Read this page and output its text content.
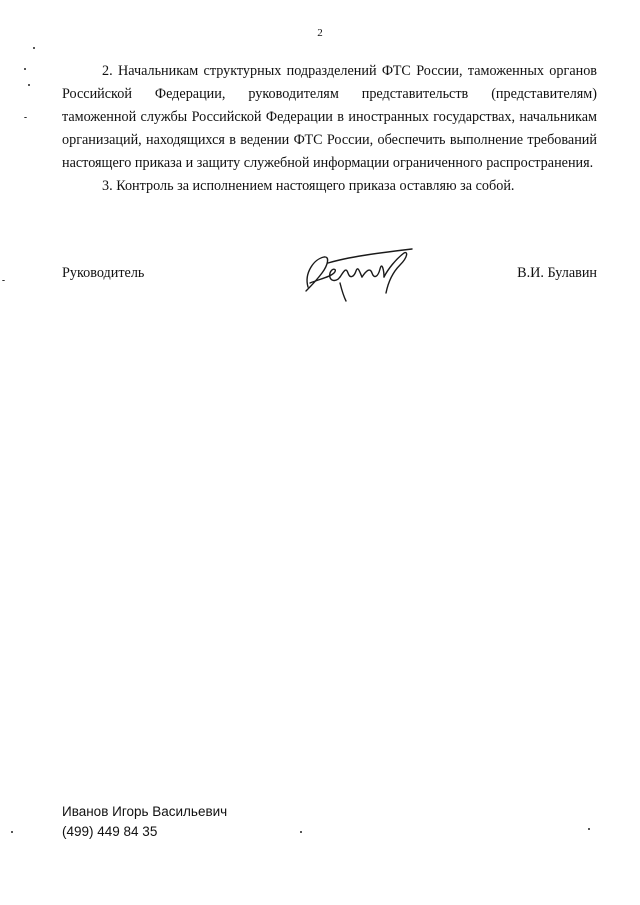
2

2. Начальникам структурных подразделений ФТС России, таможенных органов Российской Федерации, руководителям представительств (представителям) таможенной службы Российской Федерации в иностранных государствах, начальникам организаций, находящихся в ведении ФТС России, обеспечить выполнение требований настоящего приказа и защиту служебной информации ограниченного распространения.

3. Контроль за исполнением настоящего приказа оставляю за собой.

Руководитель	В.И. Булавин
Иванов Игорь Васильевич
(499) 449 84 35
